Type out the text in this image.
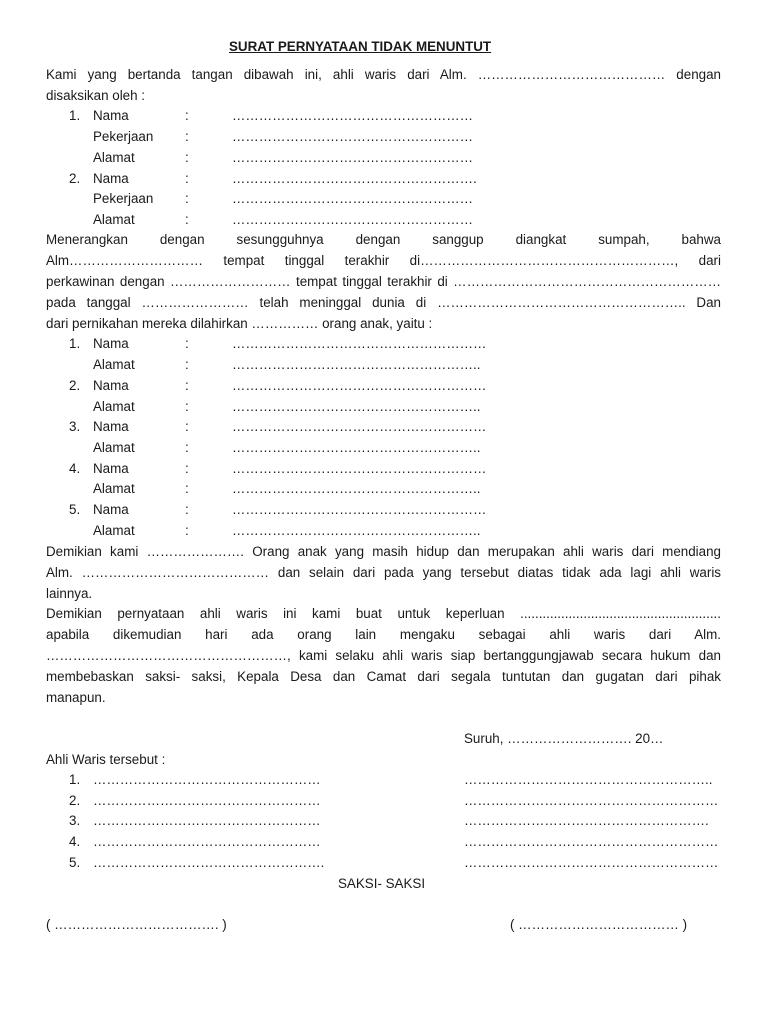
SURAT PERNYATAAN TIDAK MENUNTUT
Kami yang bertanda tangan dibawah ini, ahli waris dari Alm. …………………………………… dengan
disaksikan oleh :
1. Nama	:	………………………………………………
Pekerjaan :	………………………………………………
Alamat	:	………………………………………………
2. Nama	:	……………………………………………….
Pekerjaan :	………………………………………………
Alamat	:	………………………………………………
Menerangkan dengan sesungguhnya dengan sanggup diangkat sumpah, bahwa
Alm………………………… tempat tinggal terakhir di…………………………………………………, dari
perkawinan dengan ……………………… tempat tinggal terakhir di ……………………………………………………
pada tanggal …………………… telah meninggal dunia di ……………………………………………….. Dan
dari pernikahan mereka dilahirkan …………… orang anak, yaitu :
1. Nama	:	…………………………………………………
Alamat	:	………………………………………………..
2. Nama	:	…………………………………………………
Alamat	:	………………………………………………..
3. Nama	:	…………………………………………………
Alamat	:	………………………………………………..
4. Nama	:	…………………………………………………
Alamat	:	………………………………………………..
5. Nama	:	…………………………………………………
Alamat	:	………………………………………………..
Demikian kami …………………. Orang anak yang masih hidup dan merupakan ahli waris dari mendiang
Alm. …………………………………… dan selain dari pada yang tersebut diatas tidak ada lagi ahli waris
lainnya.
Demikian pernyataan ahli waris ini kami buat untuk keperluan ......................................................
apabila dikemudian hari ada orang lain mengaku sebagai ahli waris dari Alm.
………………………………………………, kami selaku ahli waris siap bertanggungjawab secara hukum dan
membebaskan saksi- saksi, Kepala Desa dan Camat dari segala tuntutan dan gugatan dari pihak
manapun.
Suruh, ………………………. 20…
Ahli Waris tersebut :
1. ……………………………………………	………………………………………………..
2. ……………………………………………	…………………………………………………
3. ……………………………………………	……………………………………………….
4. ……………………………………………	…………………………………………………
5. …………………………………………….	…………………………………………………
SAKSI- SAKSI
( ………………………………. )	( ……………………………… )
